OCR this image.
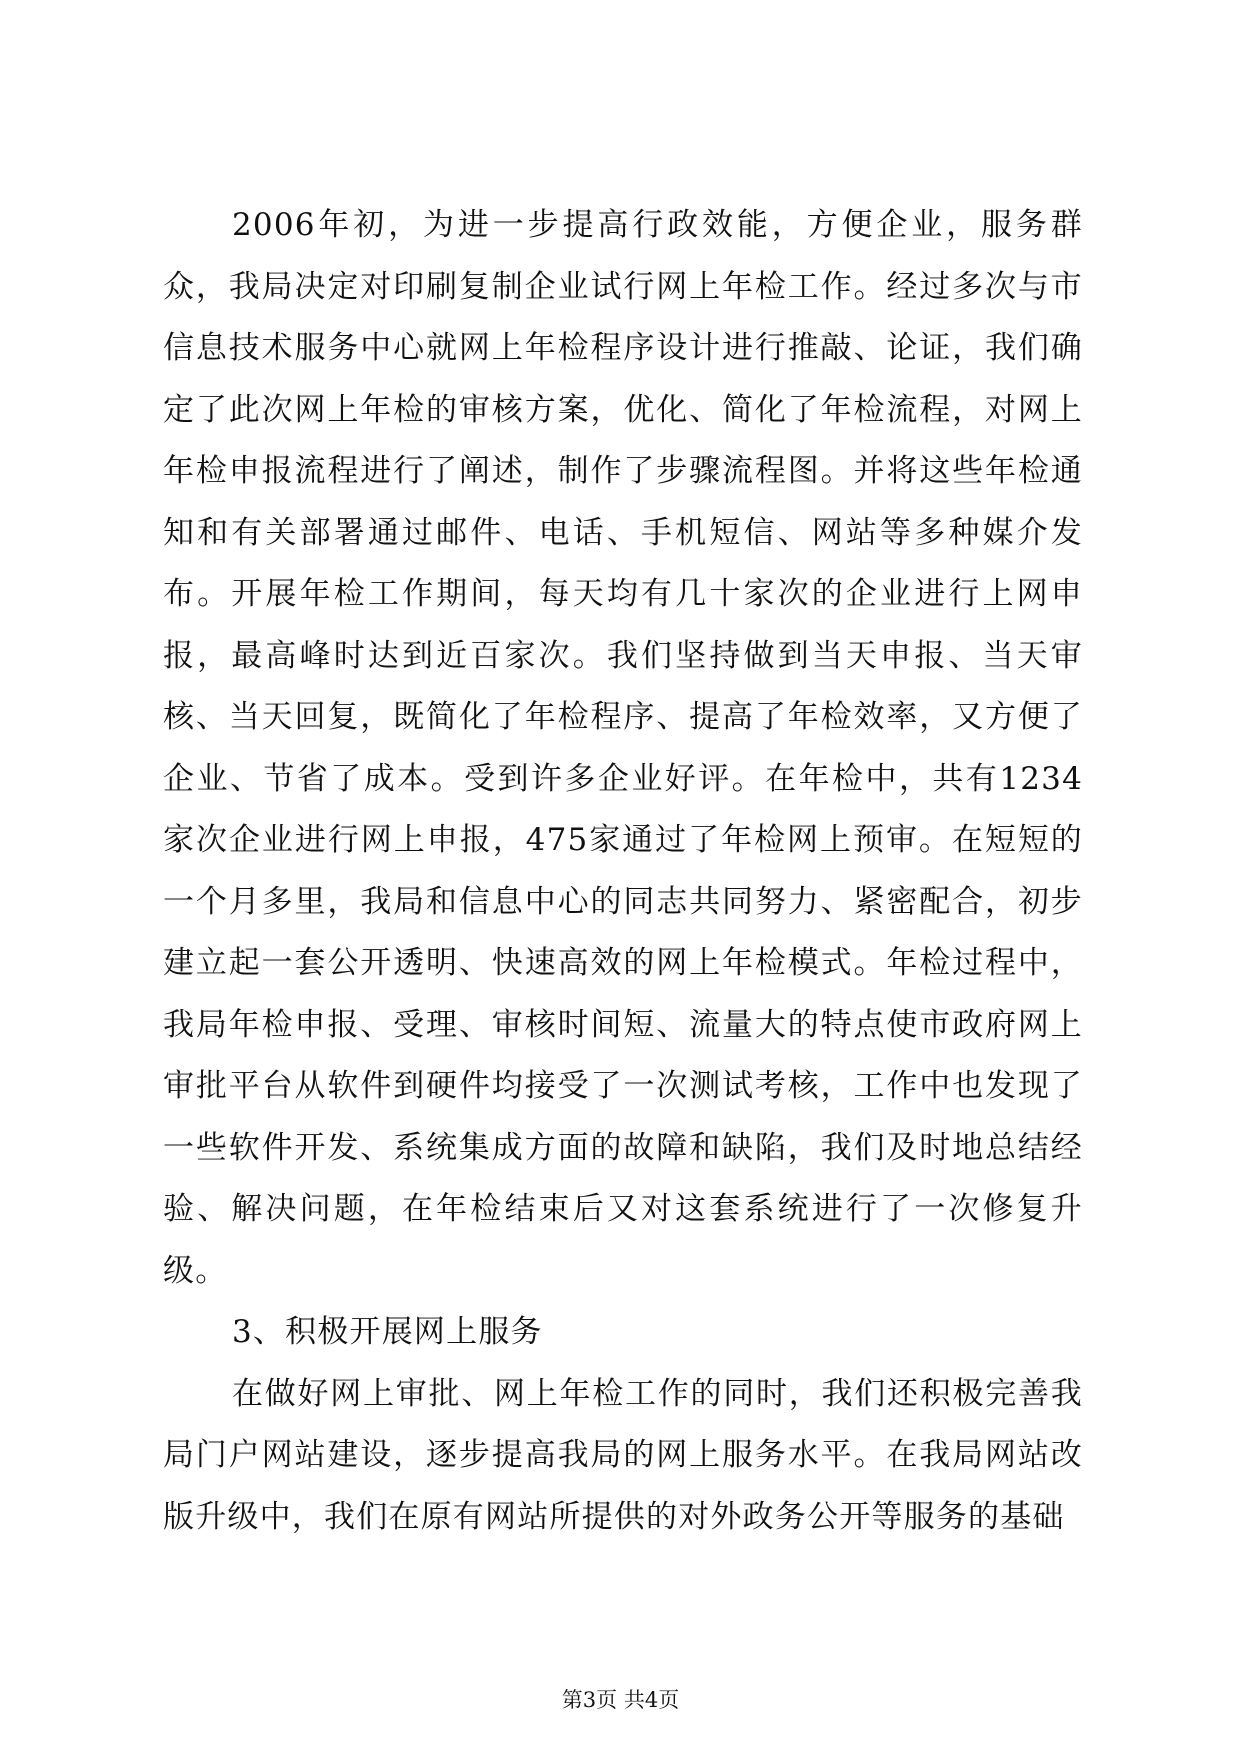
2006年初，为进一步提高行政效能，方便企业，服务群众，我局决定对印刷复制企业试行网上年检工作。经过多次与市信息技术服务中心就网上年检程序设计进行推敲、论证，我们确定了此次网上年检的审核方案，优化、简化了年检流程，对网上年检申报流程进行了阐述，制作了步骤流程图。并将这些年检通知和有关部署通过邮件、电话、手机短信、网站等多种媒介发布。开展年检工作期间，每天均有几十家次的企业进行上网申报，最高峰时达到近百家次。我们坚持做到当天申报、当天审核、当天回复，既简化了年检程序、提高了年检效率，又方便了企业、节省了成本。受到许多企业好评。在年检中，共有1234家次企业进行网上申报，475家通过了年检网上预审。在短短的一个月多里，我局和信息中心的同志共同努力、紧密配合，初步建立起一套公开透明、快速高效的网上年检模式。年检过程中，我局年检申报、受理、审核时间短、流量大的特点使市政府网上审批平台从软件到硬件均接受了一次测试考核，工作中也发现了一些软件开发、系统集成方面的故障和缺陷，我们及时地总结经验、解决问题，在年检结束后又对这套系统进行了一次修复升级。

3、积极开展网上服务

在做好网上审批、网上年检工作的同时，我们还积极完善我局门户网站建设，逐步提高我局的网上服务水平。在我局网站改版升级中，我们在原有网站所提供的对外政务公开等服务的基础

第3页 共4页
